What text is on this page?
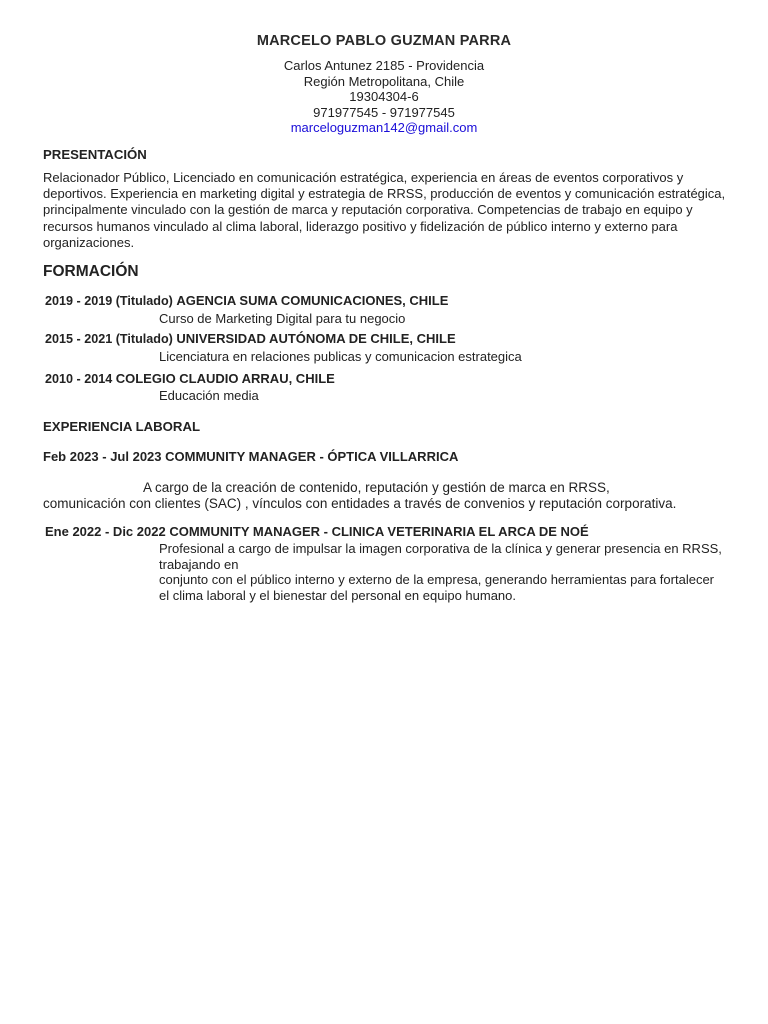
MARCELO PABLO GUZMAN PARRA
Carlos Antunez 2185 - Providencia
Región Metropolitana, Chile
19304304-6
971977545 - 971977545
marceloguzman142@gmail.com
PRESENTACIÓN
Relacionador Público, Licenciado en comunicación estratégica, experiencia en áreas de eventos corporativos y deportivos. Experiencia en marketing digital y estrategia de RRSS, producción de eventos y comunicación estratégica, principalmente vinculado con la gestión de marca y reputación corporativa. Competencias de trabajo en equipo y recursos humanos vinculado al clima laboral, liderazgo positivo y fidelización de público interno y externo para organizaciones.
FORMACIÓN
2019 - 2019 (Titulado) AGENCIA SUMA COMUNICACIONES, CHILE
Curso de Marketing Digital para tu negocio
2015 - 2021 (Titulado) UNIVERSIDAD AUTÓNOMA DE CHILE, CHILE
Licenciatura en relaciones publicas y comunicacion estrategica
2010 - 2014 COLEGIO CLAUDIO ARRAU, CHILE
Educación media
EXPERIENCIA LABORAL
Feb 2023 - Jul 2023 COMMUNITY MANAGER - ÓPTICA VILLARRICA
A cargo de la creación de contenido, reputación y gestión de marca en RRSS,
comunicación con clientes (SAC) , vínculos con entidades a través de convenios y reputación corporativa.
Ene 2022 - Dic 2022 COMMUNITY MANAGER - CLINICA VETERINARIA EL ARCA DE NOÉ
Profesional a cargo de impulsar la imagen corporativa de la clínica y generar presencia en RRSS, trabajando en
conjunto con el público interno y externo de la empresa, generando herramientas para fortalecer el clima laboral y el bienestar del personal en equipo humano.
